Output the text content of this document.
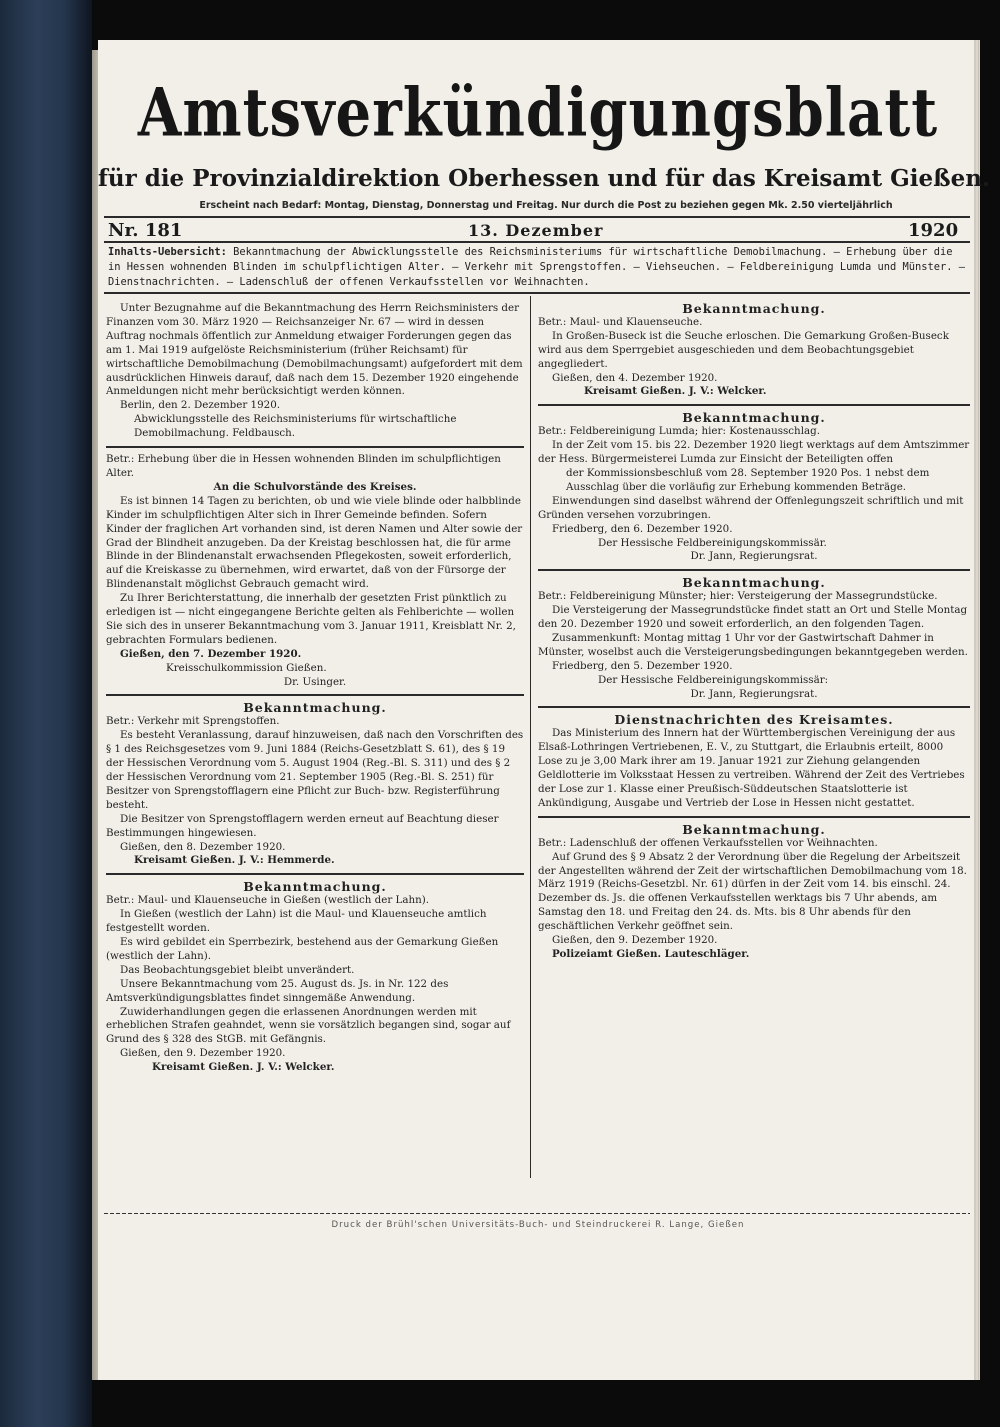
Amtsverkündigungsblatt
für die Provinzialdirektion Oberhessen und für das Kreisamt Gießen.
Erscheint nach Bedarf: Montag, Dienstag, Donnerstag und Freitag. Nur durch die Post zu beziehen gegen Mk. 2.50 vierteljährlich
Nr. 181	13. Dezember	1920
Inhalts-Uebersicht: Bekanntmachung der Abwicklungsstelle des Reichsministeriums für wirtschaftliche Demobilmachung. – Erhebung über die in Hessen wohnenden Blinden im schulpflichtigen Alter. – Verkehr mit Sprengstoffen. – Viehseuchen. – Feldbereinigung Lumda und Münster. – Dienstnachrichten. – Ladenschluß der offenen Verkaufsstellen vor Weihnachten.

Unter Bezugnahme auf die Bekanntmachung des Herrn Reichsministers der Finanzen vom 30. März 1920 — Reichsanzeiger Nr. 67 — wird in dessen Auftrag nochmals öffentlich zur Anmeldung etwaiger Forderungen gegen das am 1. Mai 1919 aufgelöste Reichsministerium (früher Reichsamt) für wirtschaftliche Demobilmachung (Demobilmachungsamt) aufgefordert mit dem ausdrücklichen Hinweis darauf, daß nach dem 15. Dezember 1920 eingehende Anmeldungen nicht mehr berücksichtigt werden können.

Berlin, den 2. Dezember 1920.

Abwicklungsstelle des Reichsministeriums für wirtschaftliche

Demobilmachung. Feldbausch.

Betr.: Erhebung über die in Hessen wohnenden Blinden im schulpflichtigen Alter.

An die Schulvorstände des Kreises.

Es ist binnen 14 Tagen zu berichten, ob und wie viele blinde oder halbblinde Kinder im schulpflichtigen Alter sich in Ihrer Gemeinde befinden. Sofern Kinder der fraglichen Art vorhanden sind, ist deren Namen und Alter sowie der Grad der Blindheit anzugeben. Da der Kreistag beschlossen hat, die für arme Blinde in der Blindenanstalt erwachsenden Pflegekosten, soweit erforderlich, auf die Kreiskasse zu übernehmen, wird erwartet, daß von der Fürsorge der Blindenanstalt möglichst Gebrauch gemacht wird.

Zu Ihrer Berichterstattung, die innerhalb der gesetzten Frist pünktlich zu erledigen ist — nicht eingegangene Berichte gelten als Fehlberichte — wollen Sie sich des in unserer Bekanntmachung vom 3. Januar 1911, Kreisblatt Nr. 2, gebrachten Formulars bedienen.

Gießen, den 7. Dezember 1920.

Kreisschulkommission Gießen.

Dr. Usinger.

Bekanntmachung.

Betr.: Verkehr mit Sprengstoffen.

Es besteht Veranlassung, darauf hinzuweisen, daß nach den Vorschriften des § 1 des Reichsgesetzes vom 9. Juni 1884 (Reichs-Gesetzblatt S. 61), des § 19 der Hessischen Verordnung vom 5. August 1904 (Reg.-Bl. S. 311) und des § 2 der Hessischen Verordnung vom 21. September 1905 (Reg.-Bl. S. 251) für Besitzer von Sprengstofflagern eine Pflicht zur Buch- bzw. Registerführung besteht.

Die Besitzer von Sprengstofflagern werden erneut auf Beachtung dieser Bestimmungen hingewiesen.

Gießen, den 8. Dezember 1920.

Kreisamt Gießen. J. V.: Hemmerde.

Bekanntmachung.

Betr.: Maul- und Klauenseuche in Gießen (westlich der Lahn).

In Gießen (westlich der Lahn) ist die Maul- und Klauenseuche amtlich festgestellt worden.

Es wird gebildet ein Sperrbezirk, bestehend aus der Gemarkung Gießen (westlich der Lahn).

Das Beobachtungsgebiet bleibt unverändert.

Unsere Bekanntmachung vom 25. August ds. Js. in Nr. 122 des Amtsverkündigungsblattes findet sinngemäße Anwendung.

Zuwiderhandlungen gegen die erlassenen Anordnungen werden mit erheblichen Strafen geahndet, wenn sie vorsätzlich begangen sind, sogar auf Grund des § 328 des StGB. mit Gefängnis.

Gießen, den 9. Dezember 1920.

Kreisamt Gießen. J. V.: Welcker.

Bekanntmachung.

Betr.: Maul- und Klauenseuche.

In Großen-Buseck ist die Seuche erloschen. Die Gemarkung Großen-Buseck wird aus dem Sperrgebiet ausgeschieden und dem Beobachtungsgebiet angegliedert.

Gießen, den 4. Dezember 1920.

Kreisamt Gießen. J. V.: Welcker.

Bekanntmachung.

Betr.: Feldbereinigung Lumda; hier: Kostenausschlag.

In der Zeit vom 15. bis 22. Dezember 1920 liegt werktags auf dem Amtszimmer der Hess. Bürgermeisterei Lumda zur Einsicht der Beteiligten offen

der Kommissionsbeschluß vom 28. September 1920 Pos. 1 nebst dem Ausschlag über die vorläufig zur Erhebung kommenden Beträge.

Einwendungen sind daselbst während der Offenlegungszeit schriftlich und mit Gründen versehen vorzubringen.

Friedberg, den 6. Dezember 1920.

Der Hessische Feldbereinigungskommissär.

Dr. Jann, Regierungsrat.

Bekanntmachung.

Betr.: Feldbereinigung Münster; hier: Versteigerung der Massegrundstücke.

Die Versteigerung der Massegrundstücke findet statt an Ort und Stelle Montag den 20. Dezember 1920 und soweit erforderlich, an den folgenden Tagen.

Zusammenkunft: Montag mittag 1 Uhr vor der Gastwirtschaft Dahmer in Münster, woselbst auch die Versteigerungsbedingungen bekanntgegeben werden.

Friedberg, den 5. Dezember 1920.

Der Hessische Feldbereinigungskommissär:

Dr. Jann, Regierungsrat.

Dienstnachrichten des Kreisamtes.

Das Ministerium des Innern hat der Württembergischen Vereinigung der aus Elsaß-Lothringen Vertriebenen, E. V., zu Stuttgart, die Erlaubnis erteilt, 8000 Lose zu je 3,00 Mark ihrer am 19. Januar 1921 zur Ziehung gelangenden Geldlotterie im Volksstaat Hessen zu vertreiben. Während der Zeit des Vertriebes der Lose zur 1. Klasse einer Preußisch-Süddeutschen Staatslotterie ist Ankündigung, Ausgabe und Vertrieb der Lose in Hessen nicht gestattet.

Bekanntmachung.

Betr.: Ladenschluß der offenen Verkaufsstellen vor Weihnachten.

Auf Grund des § 9 Absatz 2 der Verordnung über die Regelung der Arbeitszeit der Angestellten während der Zeit der wirtschaftlichen Demobilmachung vom 18. März 1919 (Reichs-Gesetzbl. Nr. 61) dürfen in der Zeit vom 14. bis einschl. 24. Dezember ds. Js. die offenen Verkaufsstellen werktags bis 7 Uhr abends, am Samstag den 18. und Freitag den 24. ds. Mts. bis 8 Uhr abends für den geschäftlichen Verkehr geöffnet sein.

Gießen, den 9. Dezember 1920.

Polizeiamt Gießen. Lauteschläger.

Druck der Brühl'schen Universitäts-Buch- und Steindruckerei R. Lange, Gießen
